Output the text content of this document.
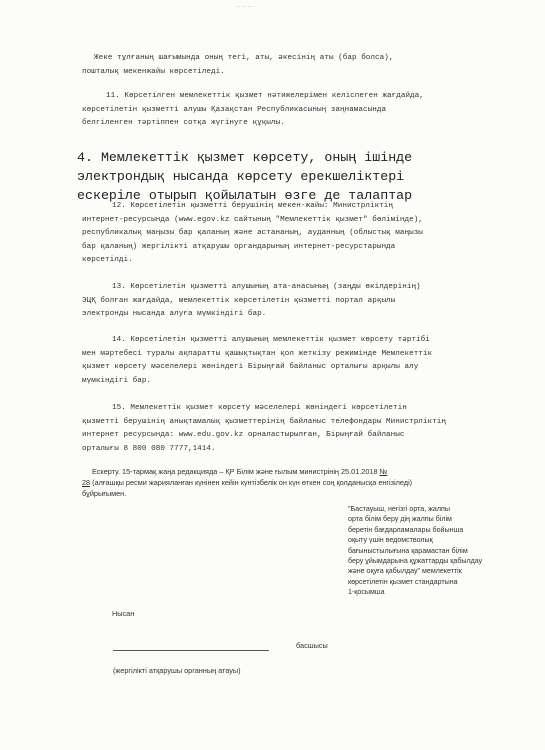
·· ·· ·· ·
Жеке тұлғаның шағымында оның тегі, аты, әкесінің аты (бар болса),
пошталық мекенжайы көрсетіледі.
11. Көрсетілген мемлекеттік қызмет нәтижелерімен келіспеген жағдайда,
көрсетілетін қызметті алушы Қазақстан Республикасының заңнамасында
белгіленген тәртіппен сотқа жүгінуге құқылы.
4. Мемлекеттік қызмет көрсету, оның ішінде
электрондық нысанда көрсету ерекшеліктері
ескеріле отырып қойылатын өзге де талаптар
12. Көрсетілетін қызметті берушінің мекен-жайы: Министрліктің
интернет-ресурсында (www.egov.kz сайтының "Мемлекеттік қызмет" бөлімінде),
республикалық маңызы бар қаланың және астананың, ауданның (облыстық маңызы
бар қаланың) жергілікті атқарушы органдарының интернет-ресурстарында
көрсетілді.
13. Көрсетілетін қызметті алушының ата-анасының (заңды өкілдерінің)
ЭЦҚ болған жағдайда, мемлекеттік көрсетілетін қызметті портал арқылы
электронды нысанда алуға мүмкіндігі бар.
14. Көрсетілетін қызметті алушының мемлекеттік қызмет көрсету тәртібі
мен мәртебесі туралы ақпаратты қашықтықтан қол жеткізу режимінде Мемлекеттік
қызмет көрсету мәселелері жөніндегі Бірыңғай байланыс орталығы арқылы алу
мүмкіндігі бар.
15. Мемлекеттік қызмет көрсету мәселелері жөніндегі көрсетілетін
қызметті берушінің анықтамалық қызметтерінің байланыс телефондары Министрліктің
интернет ресурсында: www.edu.gov.kz орналастырылған, Бірыңғай байланыс
орталығы 8 800 080 7777,1414.
Ескерту. 15-тармақ жаңа редакцияда – ҚР Білім және ғылым министрінің 25.01.2018 №
28 (алғашқы ресми жарияланған күнінен кейін күнтізбелік он күн өткен соң қолданысқа енгізіледі)
бұйрығымен.
"Бастауыш, негізгі орта, жалпы
орта білім беру дің жалпы білім
беретін бағдарламалары бойынша
оқыту үшін ведомстволық
бағыныстылығына қарамастан білім
беру ұйымдарына құжаттарды қабылдау
және оқуға қабылдау" мемлекеттік
көрсетілетін қызмет стандартына
1-қосымша
Нысан
басшысы
(жергілікті атқарушы органның атауы)
